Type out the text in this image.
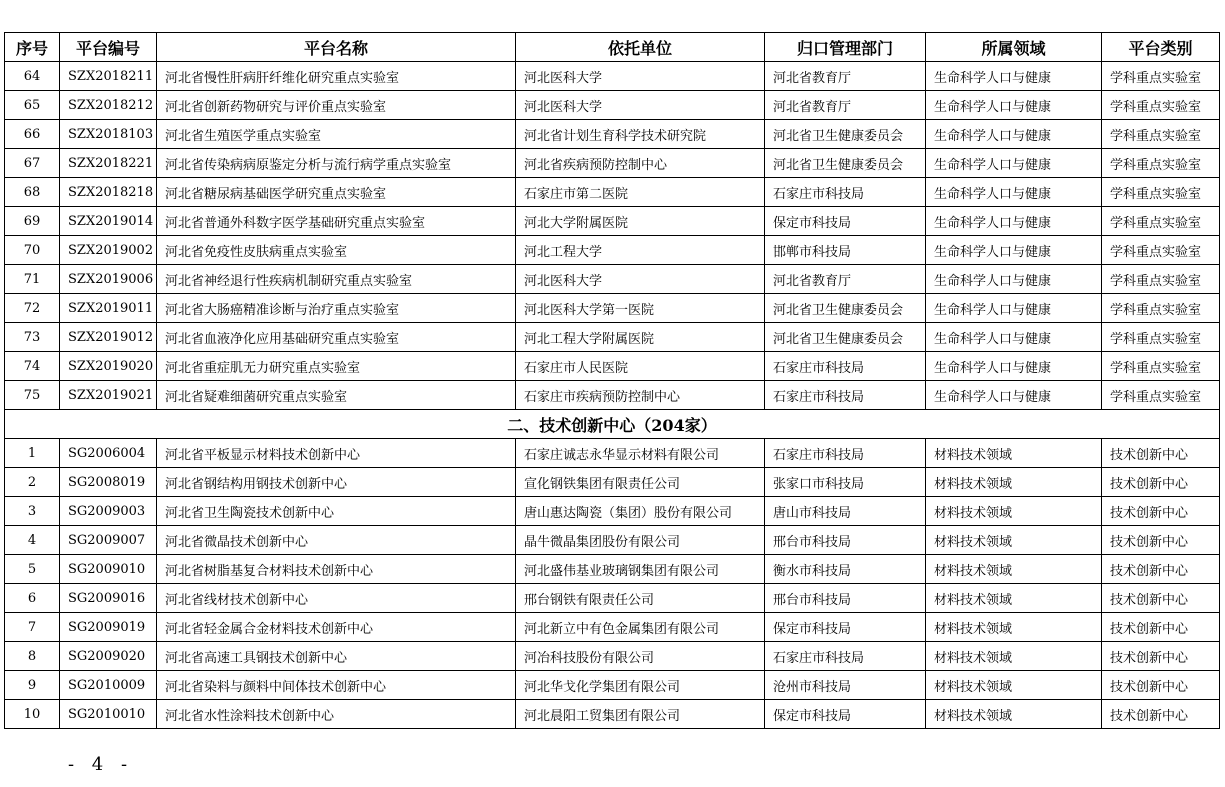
序号	平台编号	平台名称	依托单位	归口管理部门	所属领域	平台类别
64	SZX2018211	河北省慢性肝病肝纤维化研究重点实验室	河北医科大学	河北省教育厅	生命科学人口与健康	学科重点实验室
65	SZX2018212	河北省创新药物研究与评价重点实验室	河北医科大学	河北省教育厅	生命科学人口与健康	学科重点实验室
66	SZX2018103	河北省生殖医学重点实验室	河北省计划生育科学技术研究院	河北省卫生健康委员会	生命科学人口与健康	学科重点实验室
67	SZX2018221	河北省传染病病原鉴定分析与流行病学重点实验室	河北省疾病预防控制中心	河北省卫生健康委员会	生命科学人口与健康	学科重点实验室
68	SZX2018218	河北省糖尿病基础医学研究重点实验室	石家庄市第二医院	石家庄市科技局	生命科学人口与健康	学科重点实验室
69	SZX2019014	河北省普通外科数字医学基础研究重点实验室	河北大学附属医院	保定市科技局	生命科学人口与健康	学科重点实验室
70	SZX2019002	河北省免疫性皮肤病重点实验室	河北工程大学	邯郸市科技局	生命科学人口与健康	学科重点实验室
71	SZX2019006	河北省神经退行性疾病机制研究重点实验室	河北医科大学	河北省教育厅	生命科学人口与健康	学科重点实验室
72	SZX2019011	河北省大肠癌精准诊断与治疗重点实验室	河北医科大学第一医院	河北省卫生健康委员会	生命科学人口与健康	学科重点实验室
73	SZX2019012	河北省血液净化应用基础研究重点实验室	河北工程大学附属医院	河北省卫生健康委员会	生命科学人口与健康	学科重点实验室
74	SZX2019020	河北省重症肌无力研究重点实验室	石家庄市人民医院	石家庄市科技局	生命科学人口与健康	学科重点实验室
75	SZX2019021	河北省疑难细菌研究重点实验室	石家庄市疾病预防控制中心	石家庄市科技局	生命科学人口与健康	学科重点实验室
二、技术创新中心（204家）						
1	SG2006004	河北省平板显示材料技术创新中心	石家庄诚志永华显示材料有限公司	石家庄市科技局	材料技术领域	技术创新中心
2	SG2008019	河北省钢结构用钢技术创新中心	宣化钢铁集团有限责任公司	张家口市科技局	材料技术领域	技术创新中心
3	SG2009003	河北省卫生陶瓷技术创新中心	唐山惠达陶瓷（集团）股份有限公司	唐山市科技局	材料技术领域	技术创新中心
4	SG2009007	河北省微晶技术创新中心	晶牛微晶集团股份有限公司	邢台市科技局	材料技术领域	技术创新中心
5	SG2009010	河北省树脂基复合材料技术创新中心	河北盛伟基业玻璃钢集团有限公司	衡水市科技局	材料技术领域	技术创新中心
6	SG2009016	河北省线材技术创新中心	邢台钢铁有限责任公司	邢台市科技局	材料技术领域	技术创新中心
7	SG2009019	河北省轻金属合金材料技术创新中心	河北新立中有色金属集团有限公司	保定市科技局	材料技术领域	技术创新中心
8	SG2009020	河北省高速工具钢技术创新中心	河冶科技股份有限公司	石家庄市科技局	材料技术领域	技术创新中心
9	SG2010009	河北省染料与颜料中间体技术创新中心	河北华戈化学集团有限公司	沧州市科技局	材料技术领域	技术创新中心
10	SG2010010	河北省水性涂料技术创新中心	河北晨阳工贸集团有限公司	保定市科技局	材料技术领域	技术创新中心
- 4 -
